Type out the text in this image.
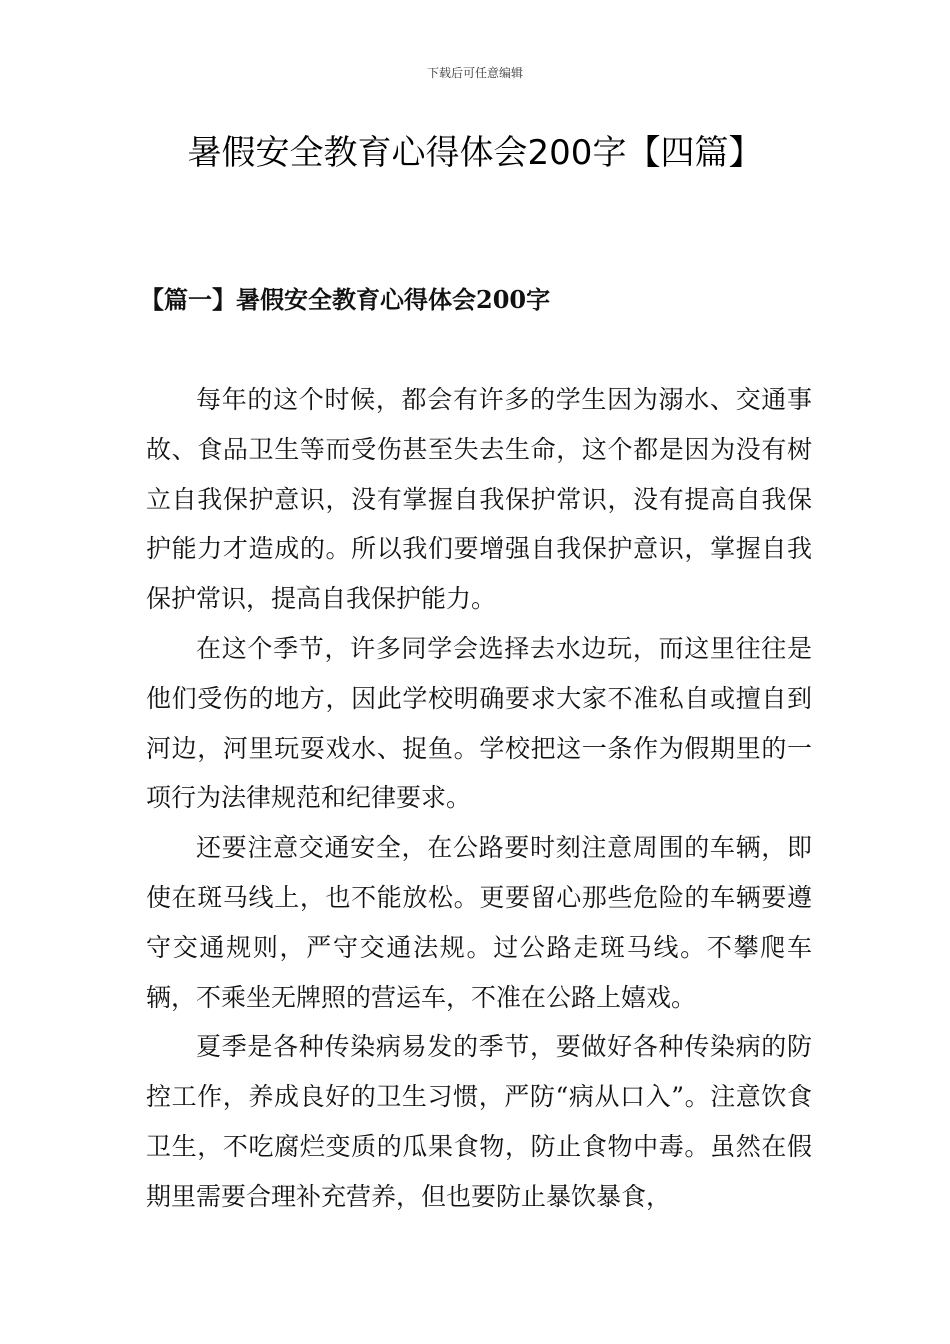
下载后可任意编辑
暑假安全教育心得体会200字【四篇】
【篇一】暑假安全教育心得体会200字

每年的这个时候，都会有许多的学生因为溺水、交通事故、食品卫生等而受伤甚至失去生命，这个都是因为没有树立自我保护意识，没有掌握自我保护常识，没有提高自我保护能力才造成的。所以我们要增强自我保护意识，掌握自我保护常识，提高自我保护能力。

在这个季节，许多同学会选择去水边玩，而这里往往是他们受伤的地方，因此学校明确要求大家不准私自或擅自到河边，河里玩耍戏水、捉鱼。学校把这一条作为假期里的一项行为法律规范和纪律要求。

还要注意交通安全，在公路要时刻注意周围的车辆，即使在斑马线上，也不能放松。更要留心那些危险的车辆要遵守交通规则，严守交通法规。过公路走斑马线。不攀爬车辆，不乘坐无牌照的营运车，不准在公路上嬉戏。

夏季是各种传染病易发的季节，要做好各种传染病的防控工作，养成良好的卫生习惯，严防“病从口入”。注意饮食卫生，不吃腐烂变质的瓜果食物，防止食物中毒。虽然在假期里需要合理补充营养，但也要防止暴饮暴食，
